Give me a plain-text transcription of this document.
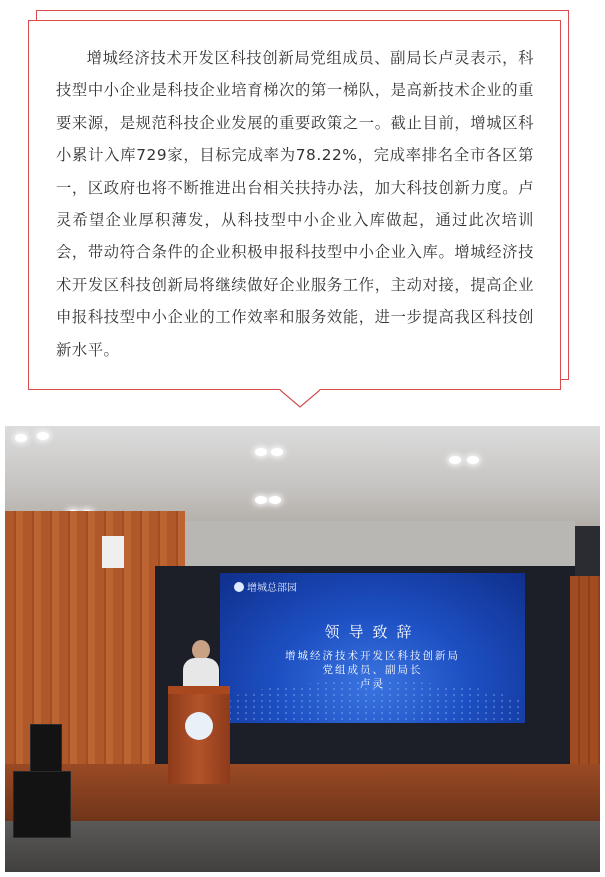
增城经济技术开发区科技创新局党组成员、副局长卢灵表示，科技型中小企业是科技企业培育梯次的第一梯队，是高新技术企业的重要来源，是规范科技企业发展的重要政策之一。截止目前，增城区科小累计入库729家，目标完成率为78.22%，完成率排名全市各区第一，区政府也将不断推进出台相关扶持办法，加大科技创新力度。卢灵希望企业厚积薄发，从科技型中小企业入库做起，通过此次培训会，带动符合条件的企业积极申报科技型中小企业入库。增城经济技术开发区科技创新局将继续做好企业服务工作，主动对接，提高企业申报科技型中小企业的工作效率和服务效能，进一步提高我区科技创新水平。

增城总部园
领导致辞
增城经济技术开发区科技创新局
党组成员、副局长
